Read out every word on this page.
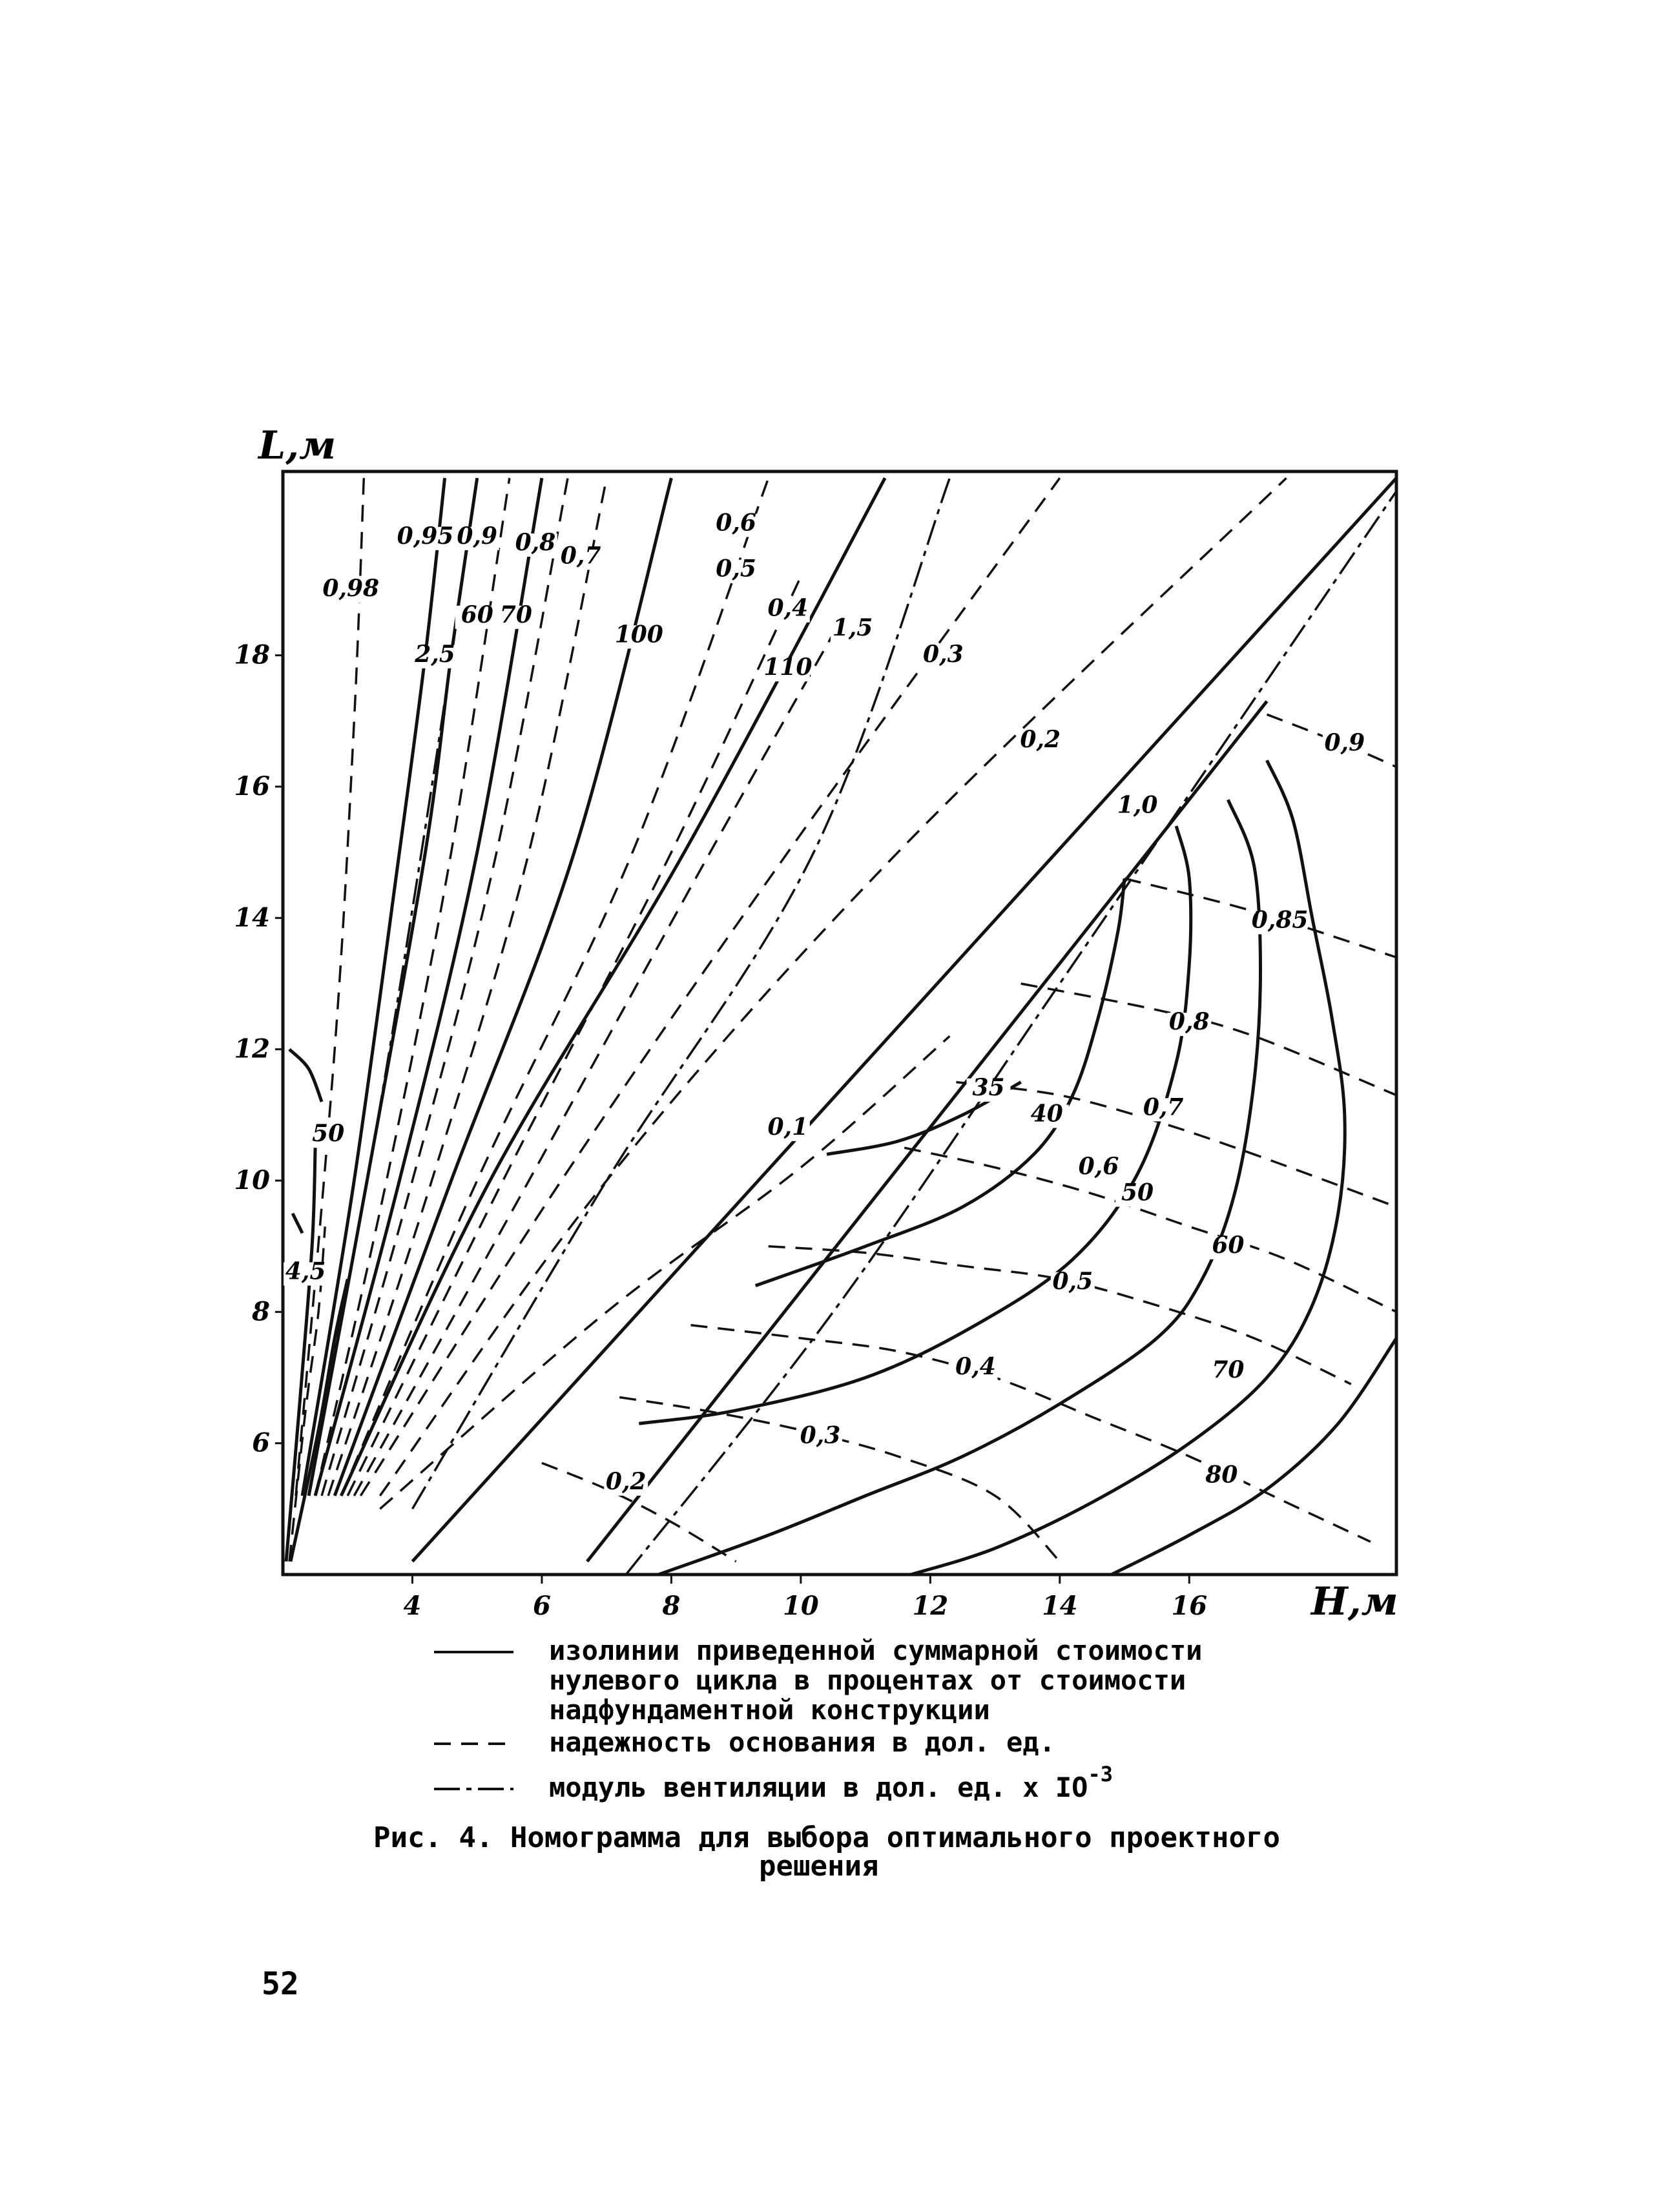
L,м
H,м
4	6	8	10	12	14	16
6
8
10
12
14
16
18
0,98
0,95
60
2,5
0,9
70
0,8 0,7
100
0,6
0,5
110
0,4
1,5
0,3
0,2
1,0
0,1
0,9
0,85
0,8
0,7
0,6
0,5
0,4
0,3
0,2
35
40
50
60
70
80
50
4,5
изолинии приведенной суммарной стоимости
нулевого цикла в процентах от стоимости
надфундаментной конструкции
надежность основания в дол. ед.
модуль вентиляции в дол. ед. х $IO^{-3}$
Рис. 4. Номограмма для выбора оптимального проектного
решения
52
